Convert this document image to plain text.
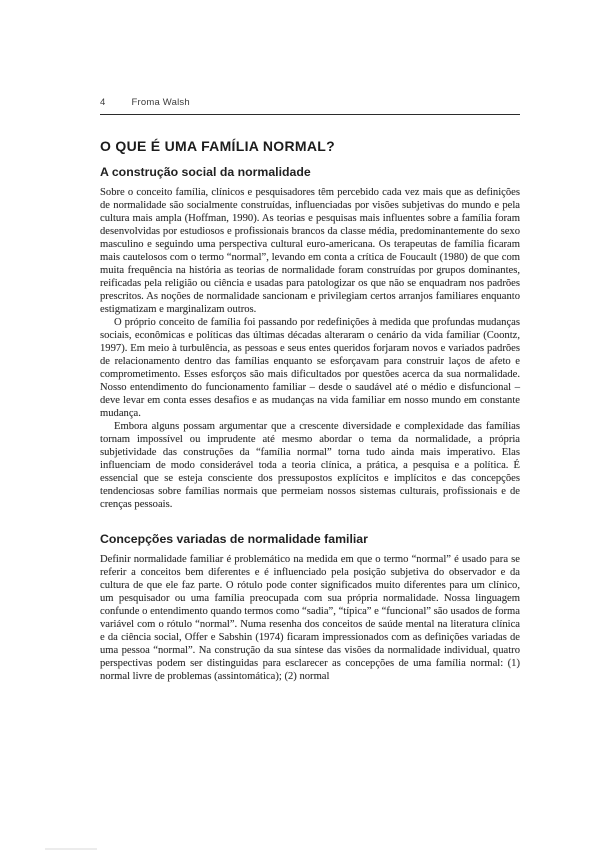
4	Froma Walsh
O QUE É UMA FAMÍLIA NORMAL?
A construção social da normalidade

Sobre o conceito família, clínicos e pesquisadores têm percebido cada vez mais que as definições de normalidade são socialmente construídas, influenciadas por visões subjetivas do mundo e pela cultura mais ampla (Hoffman, 1990). As teorias e pesquisas mais influentes sobre a família foram desenvolvidas por estudiosos e profissionais brancos da classe média, predominantemente do sexo masculino e seguindo uma perspectiva cultural euro-americana. Os terapeutas de família ficaram mais cautelosos com o termo “normal”, levando em conta a crítica de Foucault (1980) de que com muita frequência na história as teorias de normalidade foram construídas por grupos dominantes, reificadas pela religião ou ciência e usadas para patologizar os que não se enquadram nos padrões prescritos. As noções de normalidade sancionam e privilegiam certos arranjos familiares enquanto estigmatizam e marginalizam outros.

O próprio conceito de família foi passando por redefinições à medida que profundas mudanças sociais, econômicas e políticas das últimas décadas alteraram o cenário da vida familiar (Coontz, 1997). Em meio à turbulência, as pessoas e seus entes queridos forjaram novos e variados padrões de relacionamento dentro das famílias enquanto se esforçavam para construir laços de afeto e comprometimento. Esses esforços são mais dificultados por questões acerca da sua normalidade. Nosso entendimento do funcionamento familiar – desde o saudável até o médio e disfuncional – deve levar em conta esses desafios e as mudanças na vida familiar em nosso mundo em constante mudança.

Embora alguns possam argumentar que a crescente diversidade e complexidade das famílias tornam impossível ou imprudente até mesmo abordar o tema da normalidade, a própria subjetividade das construções da “família normal” torna tudo ainda mais imperativo. Elas influenciam de modo considerável toda a teoria clínica, a prática, a pesquisa e a política. É essencial que se esteja consciente dos pressupostos explícitos e implícitos e das concepções tendenciosas sobre famílias normais que permeiam nossos sistemas culturais, profissionais e de crenças pessoais.

Concepções variadas de normalidade familiar

Definir normalidade familiar é problemático na medida em que o termo “normal” é usado para se referir a conceitos bem diferentes e é influenciado pela posição subjetiva do observador e da cultura de que ele faz parte. O rótulo pode conter significados muito diferentes para um clínico, um pesquisador ou uma família preocupada com sua própria normalidade. Nossa linguagem confunde o entendimento quando termos como “sadia”, “típica” e “funcional” são usados de forma variável com o rótulo “normal”. Numa resenha dos conceitos de saúde mental na literatura clínica e da ciência social, Offer e Sabshin (1974) ficaram impressionados com as definições variadas de uma pessoa “normal”. Na construção da sua síntese das visões da normalidade individual, quatro perspectivas podem ser distinguidas para esclarecer as concepções de uma família normal: (1) normal livre de problemas (assintomática); (2) normal
